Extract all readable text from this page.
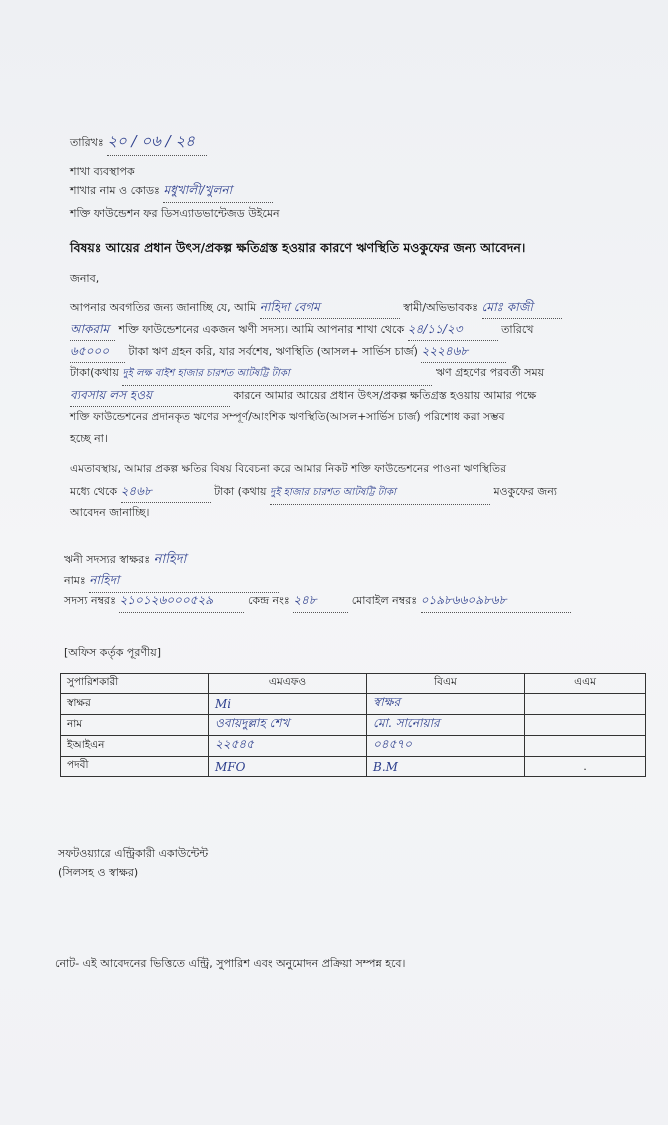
তারিখঃ ২০ / ০৬ / ২৪
শাখা ব্যবস্থাপক
শাখার নাম ও কোডঃ মধুখালী/খুলনা
শক্তি ফাউন্ডেশন ফর ডিসএ্যাডভান্টেজড উইমেন
বিষয়ঃ আয়ের প্রধান উৎস/প্রকল্প ক্ষতিগ্রস্ত হওয়ার কারণে ঋণস্থিতি মওকুফের জন্য আবেদন।
জনাব,
আপনার অবগতির জন্য জানাচ্ছি যে, আমি নাহিদা বেগম	স্বামী/অভিভাবকঃ মোঃ কাজী
আকরাম শক্তি ফাউন্ডেশনের একজন ঋণী সদস্য। আমি আপনার শাখা থেকে ২৪/১১/২৩	তারিখে
৬৫০০০ টাকা ঋণ গ্রহন করি, যার সর্বশেষ, ঋণস্থিতি (আসল+ সার্ভিস চার্জ) ২২২৪৬৮
টাকা(কথায় দুই লক্ষ বাইশ হাজার চারশত আটষট্টি টাকা	ঋণ গ্রহণের পরবর্তী সময়
ব্যবসায় লস হওয়	কারনে আমার আয়ের প্রধান উৎস/প্রকল্প ক্ষতিগ্রস্ত হওয়ায় আমার পক্ষে
শক্তি ফাউন্ডেশনের প্রদানকৃত ঋণের সম্পূর্ণ/আংশিক ঋণস্থিতি(আসল+সার্ভিস চার্জ) পরিশোধ করা সম্ভব
হচ্ছে না।
এমতাবস্থায়, আমার প্রকল্প ক্ষতির বিষয় বিবেচনা করে আমার নিকট শক্তি ফাউন্ডেশনের পাওনা ঋণস্থিতির
মধ্যে থেকে ২৪৬৮	টাকা (কথায় দুই হাজার চারশত আটষট্টি টাকা	মওকুফের জন্য
আবেদন জানাচ্ছি।
ঋনী সদস্যর স্বাক্ষরঃ নাহিদা
নামঃ নাহিদা
সদস্য নম্বরঃ ২১০১২৬০০০৫২৯	কেন্দ্র নংঃ ২৪৮	মোবাইল নম্বরঃ ০১৯৮৬৬০৯৮৬৮
[অফিস কর্তৃক পূরণীয়]
সুপারিশকারী	এমএফও	বিএম	এএম
স্বাক্ষর	Mi	স্বাক্ষর	
নাম	ওবায়দুল্লাহ শেখ	মো. সানোয়ার	
ইআইএন	২২৫৪৫	০৪৫৭০	
পদবী	MFO	B.M	.
সফটওয়্যারে এন্ট্রিকারী একাউন্টেন্ট
(সিলসহ ও স্বাক্ষর)
নোট- এই আবেদনের ভিত্তিতে এন্ট্রি, সুপারিশ এবং অনুমোদন প্রক্রিয়া সম্পন্ন হবে।
